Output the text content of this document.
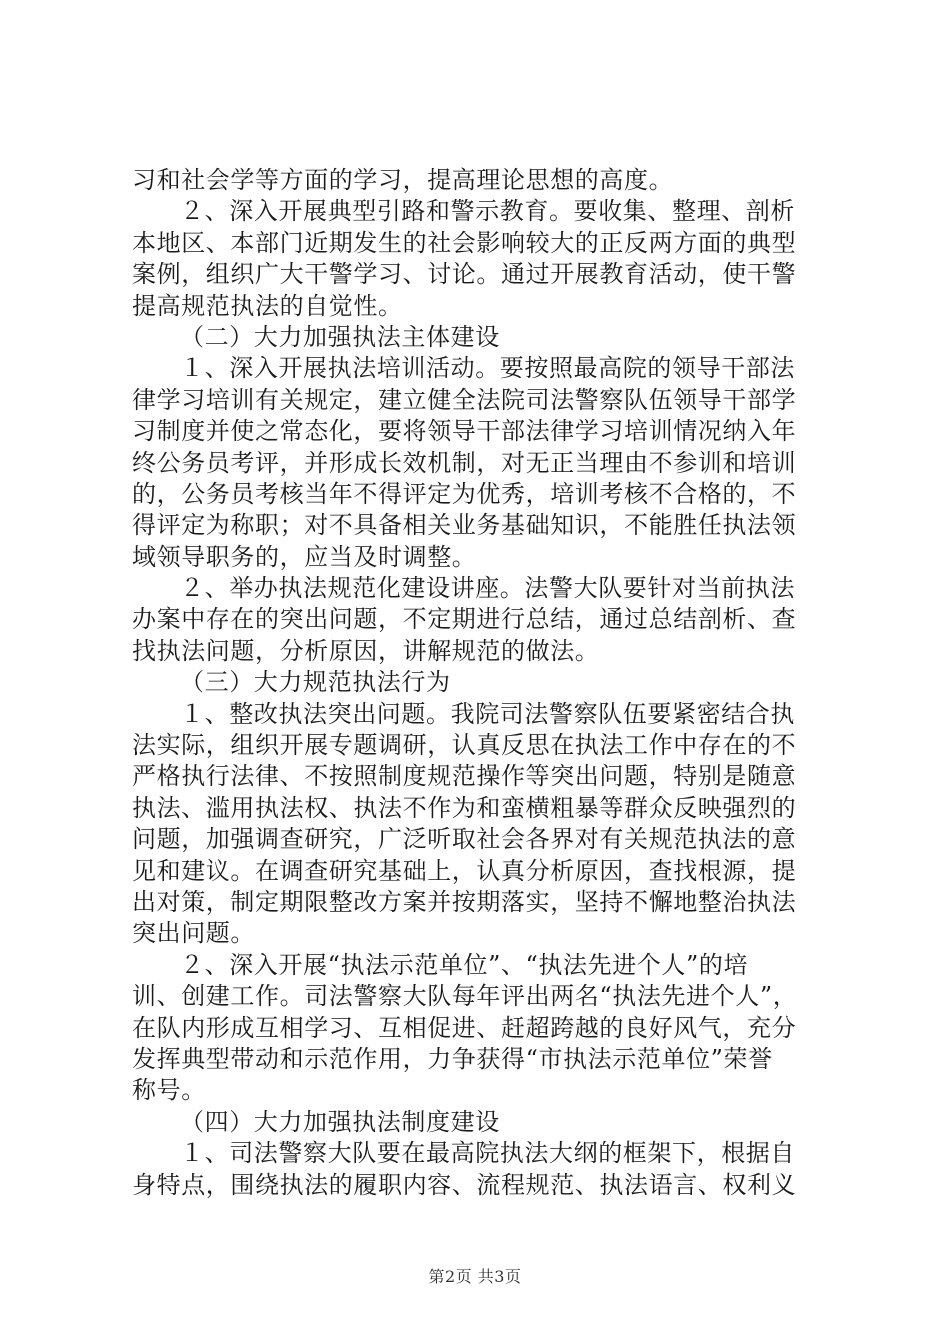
习和社会学等方面的学习，提高理论思想的高度。
２、深入开展典型引路和警示教育。要收集、整理、剖析
本地区、本部门近期发生的社会影响较大的正反两方面的典型
案例，组织广大干警学习、讨论。通过开展教育活动，使干警
提高规范执法的自觉性。
（二）大力加强执法主体建设
１、深入开展执法培训活动。要按照最高院的领导干部法
律学习培训有关规定，建立健全法院司法警察队伍领导干部学
习制度并使之常态化，要将领导干部法律学习培训情况纳入年
终公务员考评，并形成长效机制，对无正当理由不参训和培训
的，公务员考核当年不得评定为优秀，培训考核不合格的，不
得评定为称职；对不具备相关业务基础知识，不能胜任执法领
域领导职务的，应当及时调整。
２、举办执法规范化建设讲座。法警大队要针对当前执法
办案中存在的突出问题，不定期进行总结，通过总结剖析、查
找执法问题，分析原因，讲解规范的做法。
（三）大力规范执法行为
１、整改执法突出问题。我院司法警察队伍要紧密结合执
法实际，组织开展专题调研，认真反思在执法工作中存在的不
严格执行法律、不按照制度规范操作等突出问题，特别是随意
执法、滥用执法权、执法不作为和蛮横粗暴等群众反映强烈的
问题，加强调查研究，广泛听取社会各界对有关规范执法的意
见和建议。在调查研究基础上，认真分析原因，查找根源，提
出对策，制定期限整改方案并按期落实，坚持不懈地整治执法
突出问题。
２、深入开展“执法示范单位”、“执法先进个人”的培
训、创建工作。司法警察大队每年评出两名“执法先进个人”，
在队内形成互相学习、互相促进、赶超跨越的良好风气，充分
发挥典型带动和示范作用，力争获得“市执法示范单位”荣誉
称号。
（四）大力加强执法制度建设
１、司法警察大队要在最高院执法大纲的框架下，根据自
身特点，围绕执法的履职内容、流程规范、执法语言、权利义
第2页 共3页
